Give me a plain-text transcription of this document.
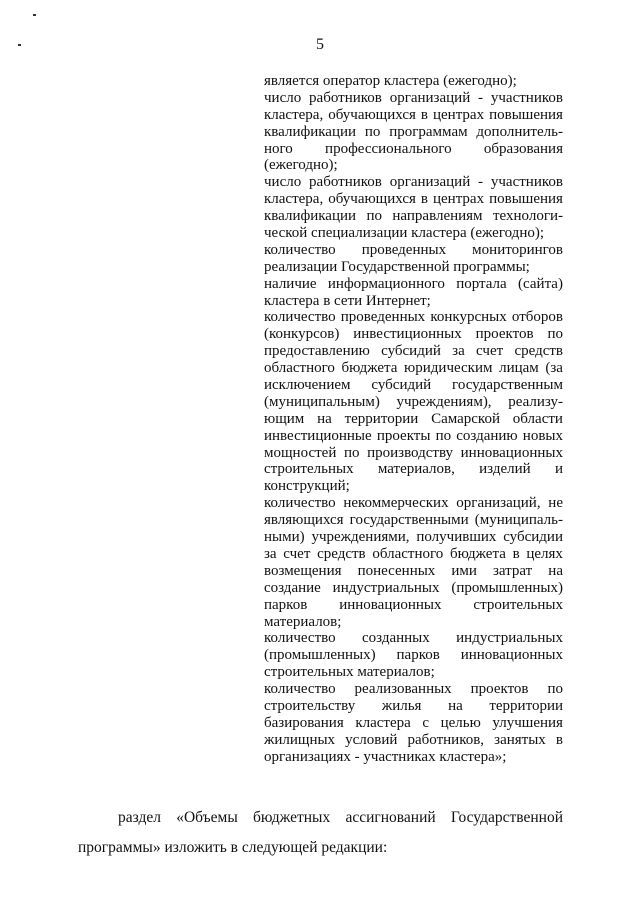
5
является оператор кластера (ежегодно);
число работников организаций - участников
кластера, обучающихся в центрах повышения
квалификации по программам дополнитель-
ного профессионального образования
(ежегодно);
число работников организаций - участников
кластера, обучающихся в центрах повышения
квалификации по направлениям технологи-
ческой специализации кластера (ежегодно);
количество проведенных мониторингов
реализации Государственной программы;
наличие информационного портала (сайта)
кластера в сети Интернет;
количество проведенных конкурсных отборов
(конкурсов) инвестиционных проектов по
предоставлению субсидий за счет средств
областного бюджета юридическим лицам (за
исключением субсидий государственным
(муниципальным) учреждениям), реализу-
ющим на территории Самарской области
инвестиционные проекты по созданию новых
мощностей по производству инновационных
строительных материалов, изделий и
конструкций;
количество некоммерческих организаций, не
являющихся государственными (муниципаль-
ными) учреждениями, получивших субсидии
за счет средств областного бюджета в целях
возмещения понесенных ими затрат на
создание индустриальных (промышленных)
парков инновационных строительных
материалов;
количество созданных индустриальных
(промышленных) парков инновационных
строительных материалов;
количество реализованных проектов по
строительству жилья на территории
базирования кластера с целью улучшения
жилищных условий работников, занятых в
организациях - участниках кластера»;
раздел «Объемы бюджетных ассигнований Государственной
программы» изложить в следующей редакции:
